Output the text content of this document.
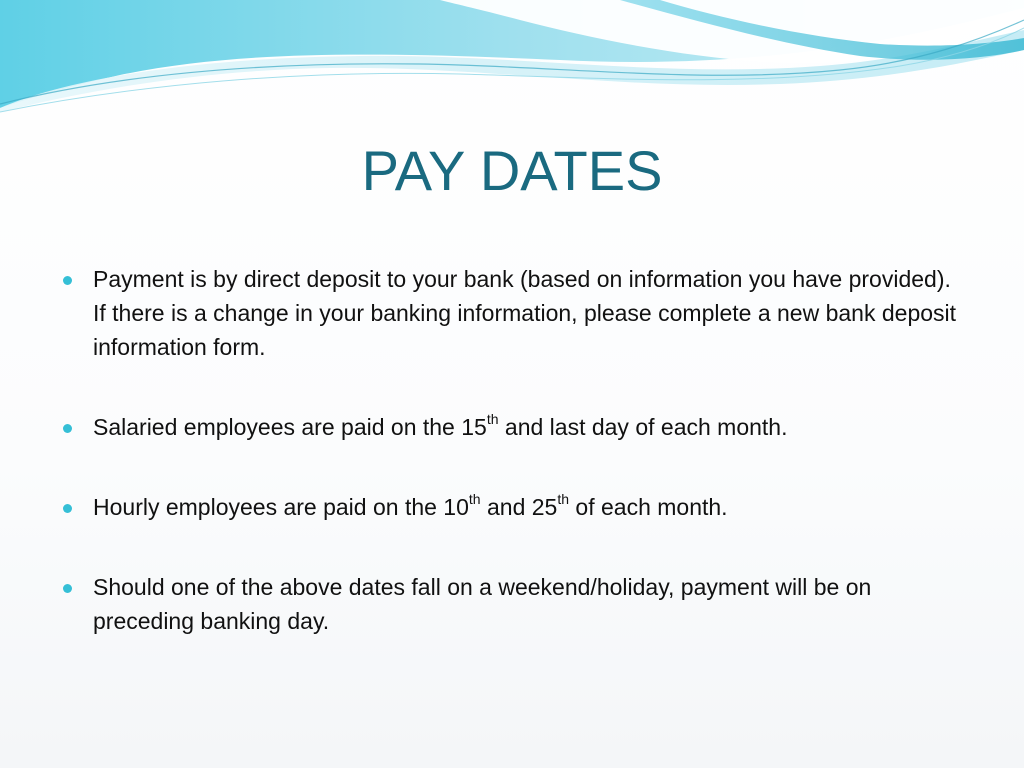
PAY DATES
Payment is by direct deposit to your bank (based on information you have provided). If there is a change in your banking information, please complete a new bank deposit information form.
Salaried employees are paid on the 15th and last day of each month.
Hourly employees are paid on the 10th and 25th of each month.
Should one of the above dates fall on a weekend/holiday, payment will be on preceding banking day.
